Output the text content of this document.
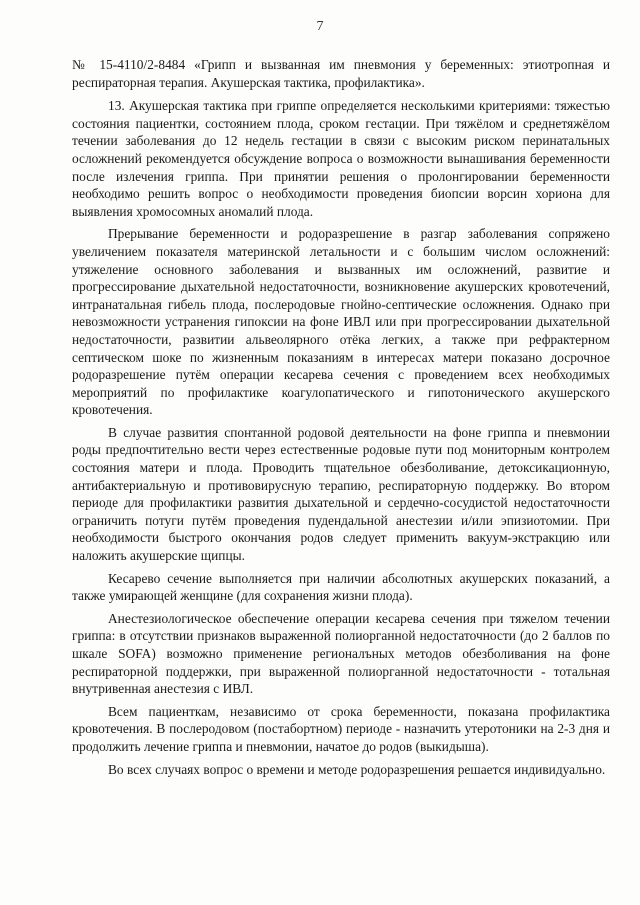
7

№ 15-4110/2-8484 «Грипп и вызванная им пневмония у беременных: этиотропная и респираторная терапия. Акушерская тактика, профилактика».

13. Акушерская тактика при гриппе определяется несколькими критериями: тяжестью состояния пациентки, состоянием плода, сроком гестации. При тяжёлом и среднетяжёлом течении заболевания до 12 недель гестации в связи с высоким риском перинатальных осложнений рекомендуется обсуждение вопроса о возможности вынашивания беременности после излечения гриппа. При принятии решения о пролонгировании беременности необходимо решить вопрос о необходимости проведения биопсии ворсин хориона для выявления хромосомных аномалий плода.

Прерывание беременности и родоразрешение в разгар заболевания сопряжено увеличением показателя материнской летальности и с большим числом осложнений: утяжеление основного заболевания и вызванных им осложнений, развитие и прогрессирование дыхательной недостаточности, возникновение акушерских кровотечений, интранатальная гибель плода, послеродовые гнойно-септические осложнения. Однако при невозможности устранения гипоксии на фоне ИВЛ или при прогрессировании дыхательной недостаточности, развитии альвеолярного отёка легких, а также при рефрактерном септическом шоке по жизненным показаниям в интересах матери показано досрочное родоразрешение путём операции кесарева сечения с проведением всех необходимых мероприятий по профилактике коагулопатического и гипотонического акушерского кровотечения.

В случае развития спонтанной родовой деятельности на фоне гриппа и пневмонии роды предпочтительно вести через естественные родовые пути под мониторным контролем состояния матери и плода. Проводить тщательное обезболивание, детоксикационную, антибактериальную и противовирусную терапию, респираторную поддержку. Во втором периоде для профилактики развития дыхательной и сердечно-сосудистой недостаточности ограничить потуги путём проведения пудендальной анестезии и/или эпизиотомии. При необходимости быстрого окончания родов следует применить вакуум-экстракцию или наложить акушерские щипцы.

Кесарево сечение выполняется при наличии абсолютных акушерских показаний, а также умирающей женщине (для сохранения жизни плода).

Анестезиологическое обеспечение операции кесарева сечения при тяжелом течении гриппа: в отсутствии признаков выраженной полиорганной недостаточности (до 2 баллов по шкале SOFA) возможно применение регионалъных методов обезболивания на фоне респираторной поддержки, при выраженной полиорганной недостаточности - тотальная внутривенная анестезия с ИВЛ.

Всем пациенткам, независимо от срока беременности, показана профилактика кровотечения. В послеродовом (постабортном) периоде - назначить утеротоники на 2-3 дня и продолжить лечение гриппа и пневмонии, начатое до родов (выкидыша).

Во всех случаях вопрос о времени и методе родоразрешения решается индивидуально.
